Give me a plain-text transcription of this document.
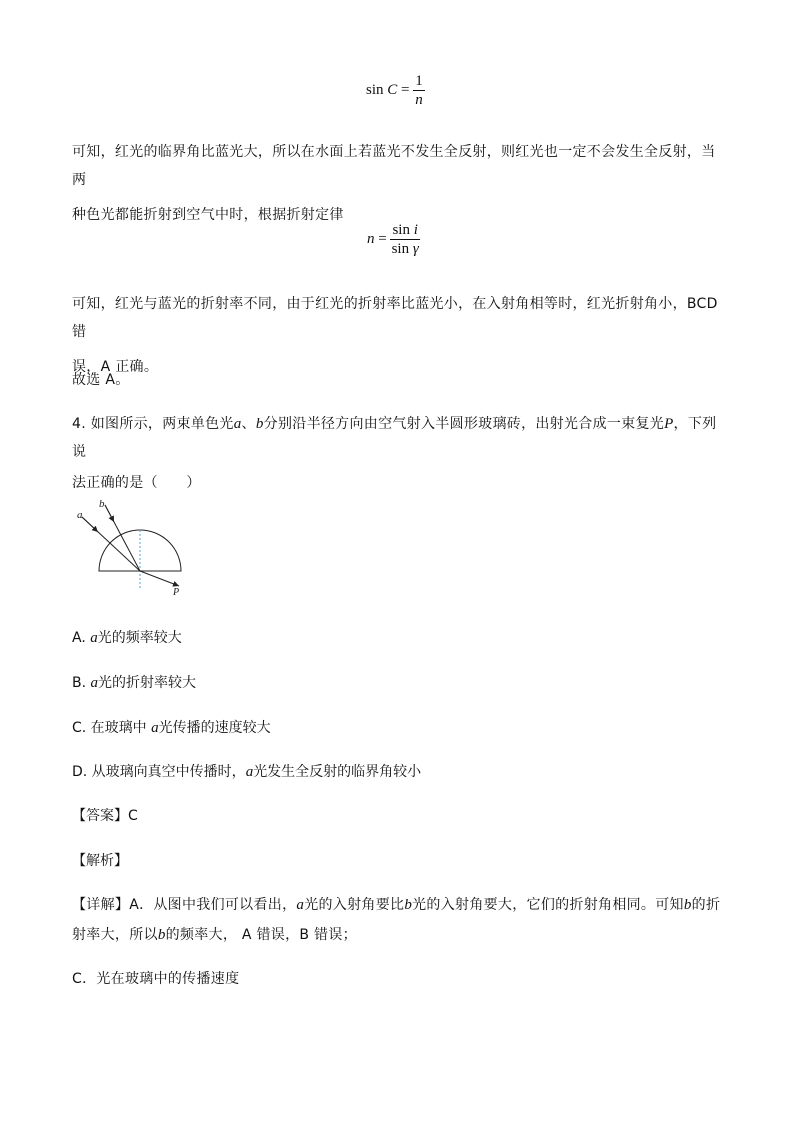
$\sin C = \frac{1}{n}$
可知，红光的临界角比蓝光大，所以在水面上若蓝光不发生全反射，则红光也一定不会发生全反射，当两
种色光都能折射到空气中时，根据折射定律
$n = \frac{\text{sin i}}{\text{sin γ}}$
可知，红光与蓝光的折射率不同，由于红光的折射率比蓝光小，在入射角相等时，红光折射角小，BCD 错
误，A 正确。
故选 A。
4. 如图所示，两束单色光a、b分别沿半径方向由空气射入半圆形玻璃砖，出射光合成一束复光P，下列说
法正确的是（　　）
a
b
P
A. a光的频率较大
B. a光的折射率较大
C. 在玻璃中 a光传播的速度较大
D. 从玻璃向真空中传播时，a光发生全反射的临界角较小
【答案】C
【解析】
【详解】A．从图中我们可以看出，a光的入射角要比b光的入射角要大，它们的折射角相同。可知b的折
射率大，所以b的频率大， A 错误，B 错误；
C．光在玻璃中的传播速度
